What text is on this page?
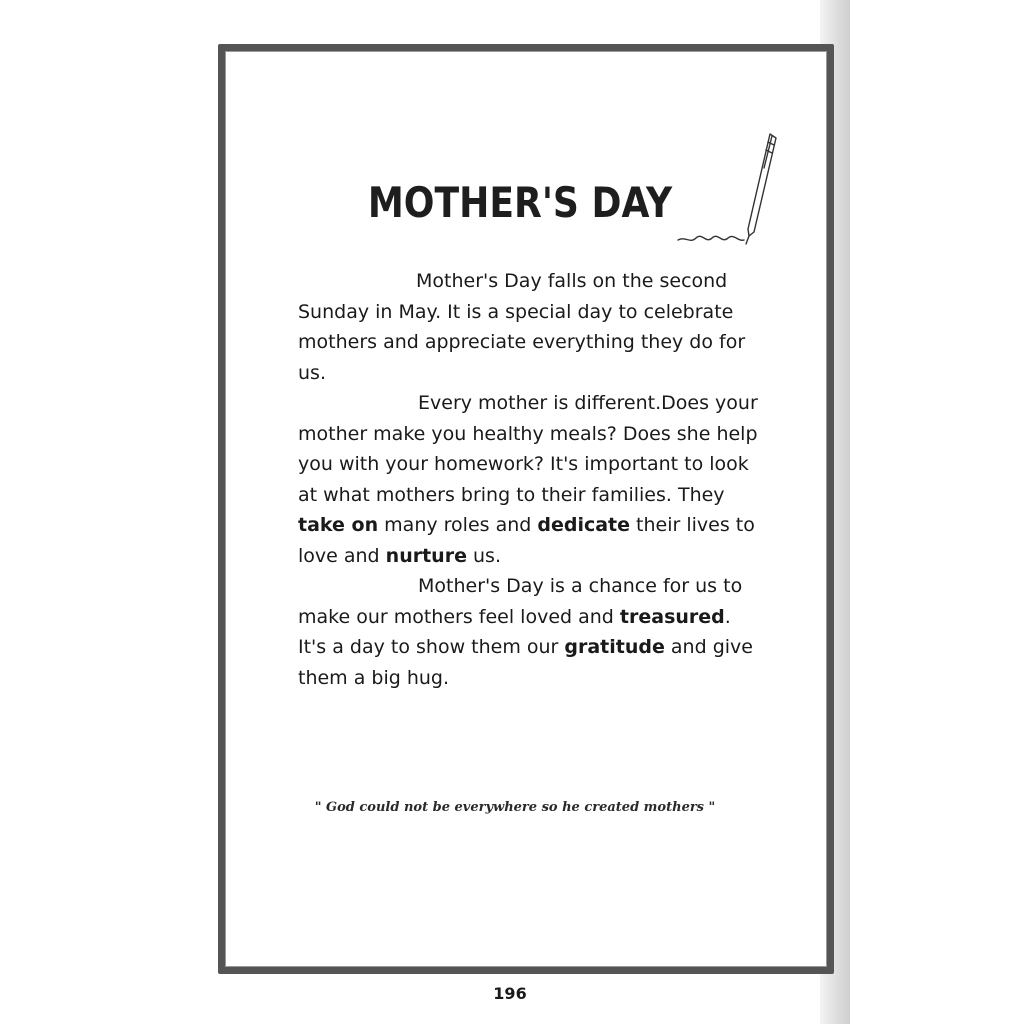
MOTHER'S DAY

Mother's Day falls on the second Sunday in May. It is a special day to celebrate mothers and appreciate everything they do for us.

Every mother is different.Does your mother make you healthy meals? Does she help you with your homework? It's important to look at what mothers bring to their families. They take on many roles and dedicate their lives to love and nurture us.

Mother's Day is a chance for us to make our mothers feel loved and treasured. It's a day to show them our gratitude and give them a big hug.

" God could not be everywhere so he created mothers "

196
